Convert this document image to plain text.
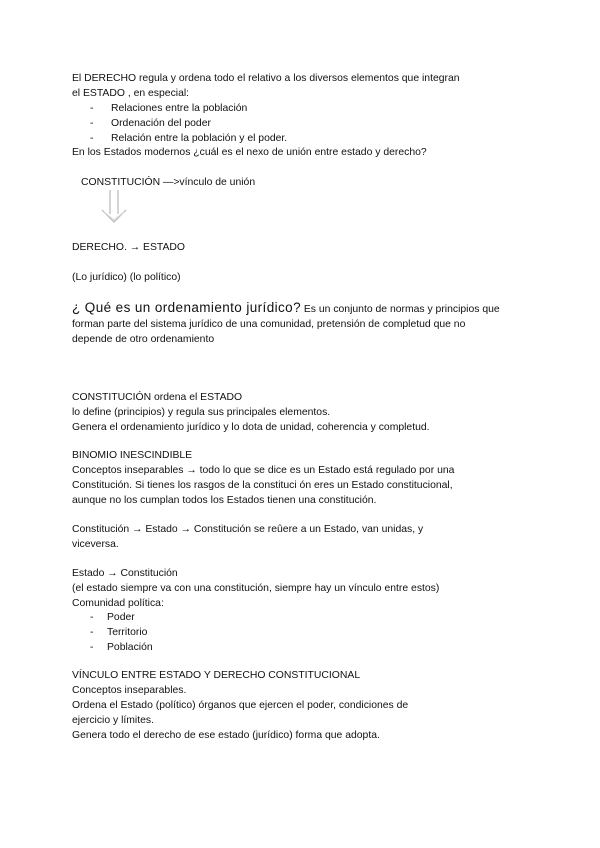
El DERECHO regula y ordena todo el relativo a los diversos elementos que integran
el ESTADO , en especial:
- Relaciones entre la población
- Ordenación del poder
- Relación entre la población y el poder.
En los Estados modernos ¿cuál es el nexo de unión entre estado y derecho?
CONSTITUCIÓN —>vínculo de unión
DERECHO. → ESTADO
(Lo jurídico) (lo político)
¿ Qué es un ordenamiento jurídico? Es un conjunto de normas y principios que
forman parte del sistema jurídico de una comunidad, pretensión de completud que no
depende de otro ordenamiento
CONSTITUCIÓN ordena el ESTADO
lo define (principios) y regula sus principales elementos.
Genera el ordenamiento jurídico y lo dota de unidad, coherencia y completud.
BINOMIO INESCINDIBLE
Conceptos inseparables → todo lo que se dice es un Estado está regulado por una
Constitución. Si tienes los rasgos de la constituci ón eres un Estado constitucional,
aunque no los cumplan todos los Estados tienen una constitución.
Constitución → Estado → Constitución se reûere a un Estado, van unidas, y
viceversa.
Estado → Constitución
(el estado siempre va con una constitución, siempre hay un vínculo entre estos)
Comunidad política:
- Poder
- Territorio
- Población
VÍNCULO ENTRE ESTADO Y DERECHO CONSTITUCIONAL
Conceptos inseparables.
Ordena el Estado (político) órganos que ejercen el poder, condiciones de
ejercicio y límites.
Genera todo el derecho de ese estado (jurídico) forma que adopta.
